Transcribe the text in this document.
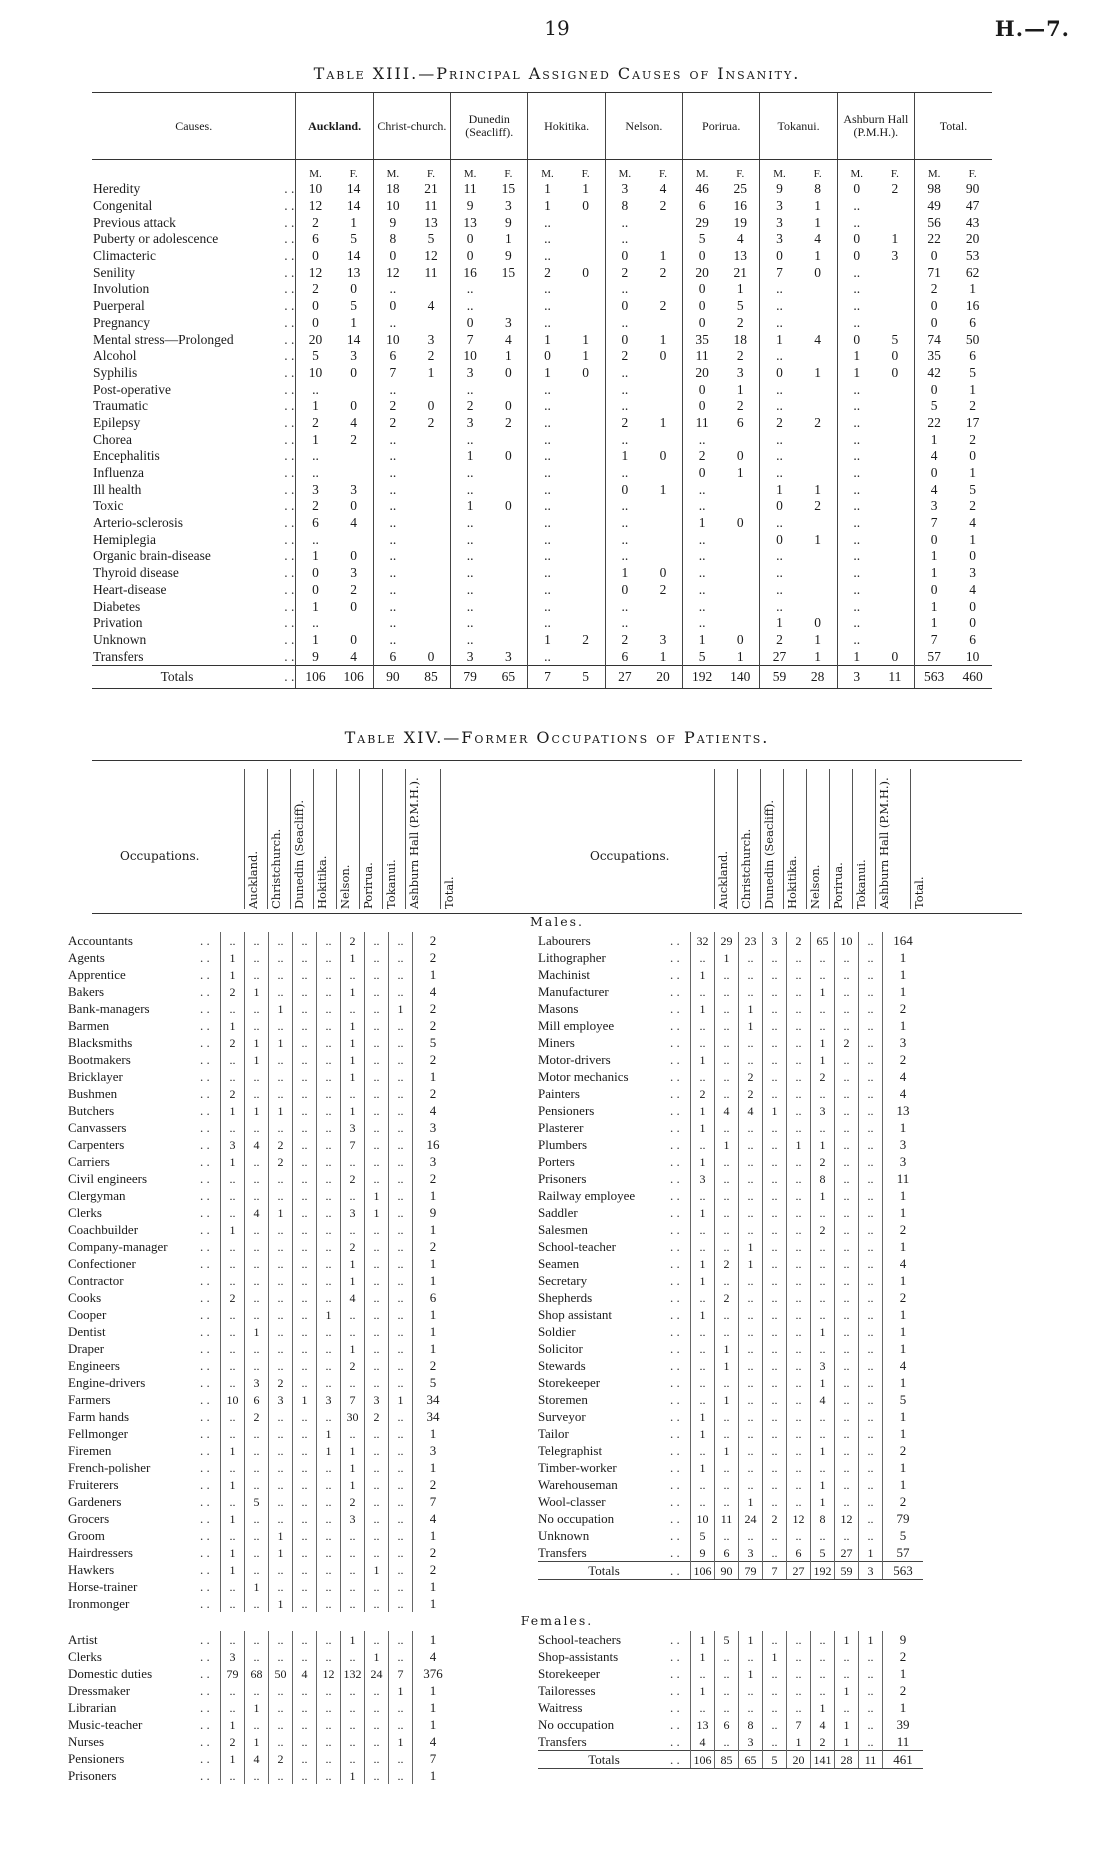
19	H.—7.
Table XIII.—Principal Assigned Causes of Insanity.
Causes.		Auckland.		Christ-church.		Dunedin (Seacliff).		Hokitika.		Nelson.		Porirua.		Tokanui.		Ashburn Hall (P.M.H.).		Total.	
		M.	F.	M.	F.	M.	F.	M.	F.	M.	F.	M.	F.	M.	F.	M.	F.	M.	F.
Heredity	. .	10	14	18	21	11	15	1	1	3	4	46	25	9	8	0	2	98	90
Congenital	. .	12	14	10	11	9	3	1	0	8	2	6	16	3	1	..		49	47
Previous attack	. .	2	1	9	13	13	9	..		..		29	19	3	1	..		56	43
Puberty or adolescence	. .	6	5	8	5	0	1	..		..		5	4	3	4	0	1	22	20
Climacteric	. .	0	14	0	12	0	9	..		0	1	0	13	0	1	0	3	0	53
Senility	. .	12	13	12	11	16	15	2	0	2	2	20	21	7	0	..		71	62
Involution	. .	2	0	..		..		..		..		0	1	..		..		2	1
Puerperal	. .	0	5	0	4	..		..		0	2	0	5	..		..		0	16
Pregnancy	. .	0	1	..		0	3	..		..		0	2	..		..		0	6
Mental stress—Prolonged	. .	20	14	10	3	7	4	1	1	0	1	35	18	1	4	0	5	74	50
Alcohol	. .	5	3	6	2	10	1	0	1	2	0	11	2	..		1	0	35	6
Syphilis	. .	10	0	7	1	3	0	1	0	..		20	3	0	1	1	0	42	5
Post-operative	. .	..		..		..		..		..		0	1	..		..		0	1
Traumatic	. .	1	0	2	0	2	0	..		..		0	2	..		..		5	2
Epilepsy	. .	2	4	2	2	3	2	..		2	1	11	6	2	2	..		22	17
Chorea	. .	1	2	..		..		..		..		..		..		..		1	2
Encephalitis	. .	..		..		1	0	..		1	0	2	0	..		..		4	0
Influenza	. .	..		..		..		..		..		0	1	..		..		0	1
Ill health	. .	3	3	..		..		..		0	1	..		1	1	..		4	5
Toxic	. .	2	0	..		1	0	..		..		..		0	2	..		3	2
Arterio-sclerosis	. .	6	4	..		..		..		..		1	0	..		..		7	4
Hemiplegia	. .	..		..		..		..		..		..		0	1	..		0	1
Organic brain-disease	. .	1	0	..		..		..		..		..		..		..		1	0
Thyroid disease	. .	0	3	..		..		..		1	0	..		..		..		1	3
Heart-disease	. .	0	2	..		..		..		0	2	..		..		..		0	4
Diabetes	. .	1	0	..		..		..		..		..		..		..		1	0
Privation	. .	..		..		..		..		..		..		1	0	..		1	0
Unknown	. .	1	0	..		..		1	2	2	3	1	0	2	1	..		7	6
Transfers	. .	9	4	6	0	3	3	..		6	1	5	1	27	1	1	0	57	10
Totals	. .	106	106	90	85	79	65	7	5	27	20	192	140	59	28	3	11	563	460
Table XIV.—Former Occupations of Patients.
Occupations.	Occupations.
Auckland. Christchurch. Dunedin (Seacliff). Hokitika. Nelson. Porirua. Tokanui. Ashburn Hall (P.M.H.). Total.	Auckland. Christchurch. Dunedin (Seacliff). Hokitika. Nelson. Porirua. Tokanui. Ashburn Hall (P.M.H.). Total.
Males.
Accountants	. .	..	..	..	..	..	2	..	..	2
Agents	. .	1	..	..	..	..	1	..	..	2
Apprentice	. .	1	..	..	..	..	..	..	..	1
Bakers	. .	2	1	..	..	..	1	..	..	4
Bank-managers	. .	..	..	1	..	..	..	..	1	2
Barmen	. .	1	..	..	..	..	1	..	..	2
Blacksmiths	. .	2	1	1	..	..	1	..	..	5
Bootmakers	. .	..	1	..	..	..	1	..	..	2
Bricklayer	. .	..	..	..	..	..	1	..	..	1
Bushmen	. .	2	..	..	..	..	..	..	..	2
Butchers	. .	1	1	1	..	..	1	..	..	4
Canvassers	. .	..	..	..	..	..	3	..	..	3
Carpenters	. .	3	4	2	..	..	7	..	..	16
Carriers	. .	1	..	2	..	..	..	..	..	3
Civil engineers	. .	..	..	..	..	..	2	..	..	2
Clergyman	. .	..	..	..	..	..	..	1	..	1
Clerks	. .	..	4	1	..	..	3	1	..	9
Coachbuilder	. .	1	..	..	..	..	..	..	..	1
Company-manager	. .	..	..	..	..	..	2	..	..	2
Confectioner	. .	..	..	..	..	..	1	..	..	1
Contractor	. .	..	..	..	..	..	1	..	..	1
Cooks	. .	2	..	..	..	..	4	..	..	6
Cooper	. .	..	..	..	..	1	..	..	..	1
Dentist	. .	..	1	..	..	..	..	..	..	1
Draper	. .	..	..	..	..	..	1	..	..	1
Engineers	. .	..	..	..	..	..	2	..	..	2
Engine-drivers	. .	..	3	2	..	..	..	..	..	5
Farmers	. .	10	6	3	1	3	7	3	1	34
Farm hands	. .	..	2	..	..	..	30	2	..	34
Fellmonger	. .	..	..	..	..	1	..	..	..	1
Firemen	. .	1	..	..	..	1	1	..	..	3
French-polisher	. .	..	..	..	..	..	1	..	..	1
Fruiterers	. .	1	..	..	..	..	1	..	..	2
Gardeners	. .	..	5	..	..	..	2	..	..	7
Grocers	. .	1	..	..	..	..	3	..	..	4
Groom	. .	..	..	1	..	..	..	..	..	1
Hairdressers	. .	1	..	1	..	..	..	..	..	2
Hawkers	. .	1	..	..	..	..	..	1	..	2
Horse-trainer	. .	..	1	..	..	..	..	..	..	1
Ironmonger	. .	..	..	1	..	..	..	..	..	1
Labourers	. .	32	29	23	3	2	65	10	..	164
Lithographer	. .	..	1	..	..	..	..	..	..	1
Machinist	. .	1	..	..	..	..	..	..	..	1
Manufacturer	. .	..	..	..	..	..	1	..	..	1
Masons	. .	1	..	1	..	..	..	..	..	2
Mill employee	. .	..	..	1	..	..	..	..	..	1
Miners	. .	..	..	..	..	..	1	2	..	3
Motor-drivers	. .	1	..	..	..	..	1	..	..	2
Motor mechanics	. .	..	..	2	..	..	2	..	..	4
Painters	. .	2	..	2	..	..	..	..	..	4
Pensioners	. .	1	4	4	1	..	3	..	..	13
Plasterer	. .	1	..	..	..	..	..	..	..	1
Plumbers	. .	..	1	..	..	1	1	..	..	3
Porters	. .	1	..	..	..	..	2	..	..	3
Prisoners	. .	3	..	..	..	..	8	..	..	11
Railway employee	. .	..	..	..	..	..	1	..	..	1
Saddler	. .	1	..	..	..	..	..	..	..	1
Salesmen	. .	..	..	..	..	..	2	..	..	2
School-teacher	. .	..	..	1	..	..	..	..	..	1
Seamen	. .	1	2	1	..	..	..	..	..	4
Secretary	. .	1	..	..	..	..	..	..	..	1
Shepherds	. .	..	2	..	..	..	..	..	..	2
Shop assistant	. .	1	..	..	..	..	..	..	..	1
Soldier	. .	..	..	..	..	..	1	..	..	1
Solicitor	. .	..	1	..	..	..	..	..	..	1
Stewards	. .	..	1	..	..	..	3	..	..	4
Storekeeper	. .	..	..	..	..	..	1	..	..	1
Storemen	. .	..	1	..	..	..	4	..	..	5
Surveyor	. .	1	..	..	..	..	..	..	..	1
Tailor	. .	1	..	..	..	..	..	..	..	1
Telegraphist	. .	..	1	..	..	..	1	..	..	2
Timber-worker	. .	1	..	..	..	..	..	..	..	1
Warehouseman	. .	..	..	..	..	..	1	..	..	1
Wool-classer	. .	..	..	1	..	..	1	..	..	2
No occupation	. .	10	11	24	2	12	8	12	..	79
Unknown	. .	5	..	..	..	..	..	..	..	5
Transfers	. .	9	6	3	..	6	5	27	1	57
Totals	. .	106	90	79	7	27	192	59	3	563
Females.
Artist	. .	..	..	..	..	..	1	..	..	1
Clerks	. .	3	..	..	..	..	..	1	..	4
Domestic duties	. .	79	68	50	4	12	132	24	7	376
Dressmaker	. .	..	..	..	..	..	..	..	1	1
Librarian	. .	..	1	..	..	..	..	..	..	1
Music-teacher	. .	1	..	..	..	..	..	..	..	1
Nurses	. .	2	1	..	..	..	..	..	1	4
Pensioners	. .	1	4	2	..	..	..	..	..	7
Prisoners	. .	..	..	..	..	..	1	..	..	1
School-teachers	. .	1	5	1	..	..	..	1	1	9
Shop-assistants	. .	1	..	..	1	..	..	..	..	2
Storekeeper	. .	..	..	1	..	..	..	..	..	1
Tailoresses	. .	1	..	..	..	..	..	1	..	2
Waitress	. .	..	..	..	..	..	1	..	..	1
No occupation	. .	13	6	8	..	7	4	1	..	39
Transfers	. .	4	..	3	..	1	2	1	..	11
Totals	. .	106	85	65	5	20	141	28	11	461
